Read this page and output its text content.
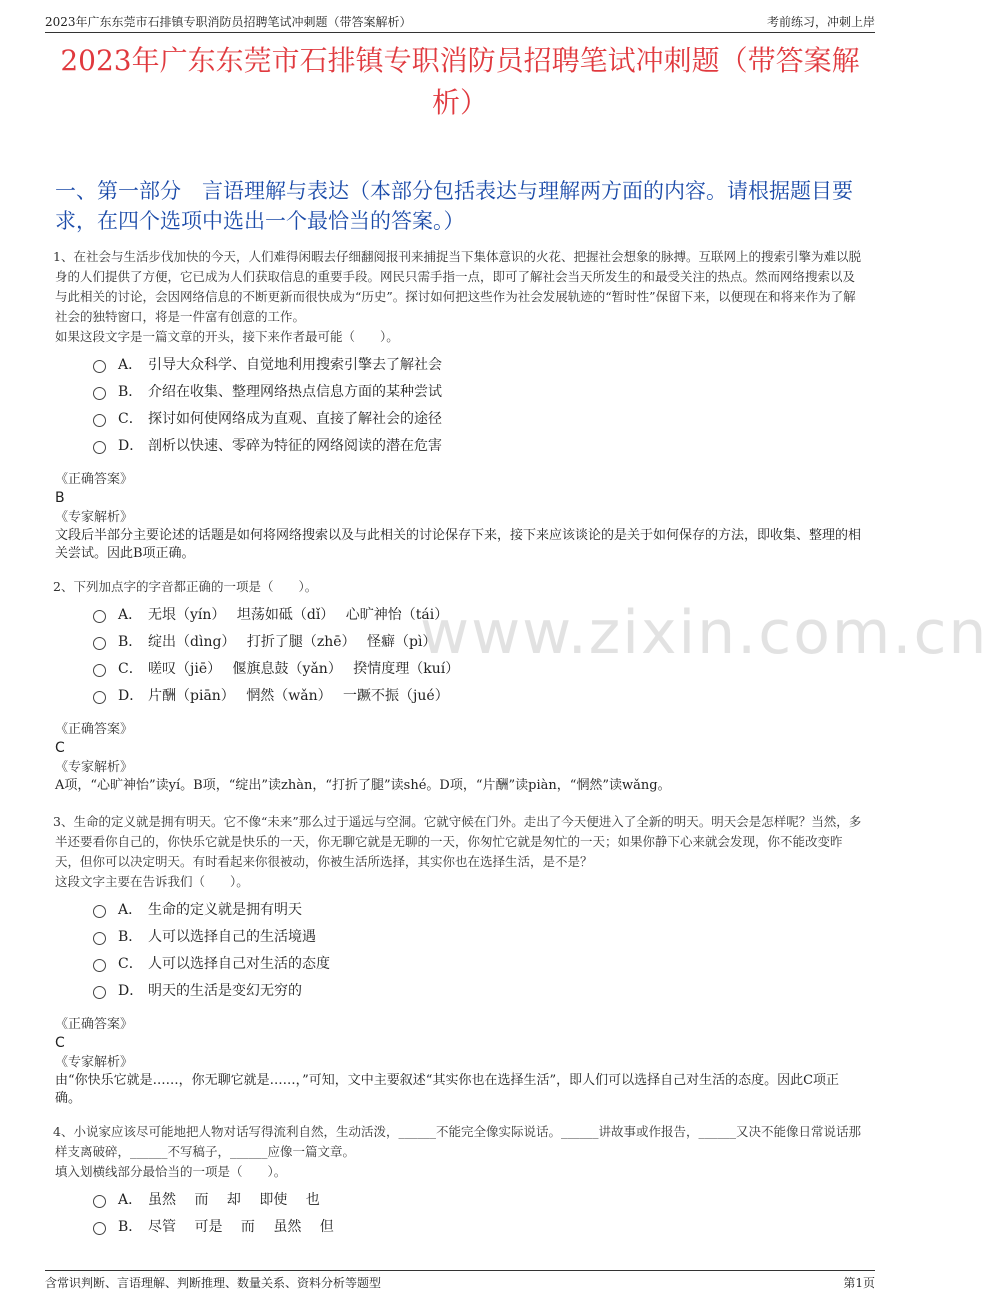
2023年广东东莞市石排镇专职消防员招聘笔试冲刺题（带答案解析）	考前练习，冲刺上岸
2023年广东东莞市石排镇专职消防员招聘笔试冲刺题（带答案解析）
一、第一部分　言语理解与表达（本部分包括表达与理解两方面的内容。请根据题目要求，在四个选项中选出一个最恰当的答案。）
www.zixin.com.cn
1、在社会与生活步伐加快的今天，人们难得闲暇去仔细翻阅报刊来捕捉当下集体意识的火花、把握社会想象的脉搏。互联网上的搜索引擎为难以脱身的人们提供了方便，它已成为人们获取信息的重要手段。网民只需手指一点，即可了解社会当天所发生的和最受关注的热点。然而网络搜索以及与此相关的讨论，会因网络信息的不断更新而很快成为“历史”。探讨如何把这些作为社会发展轨迹的“暂时性”保留下来，以便现在和将来作为了解社会的独特窗口，将是一件富有创意的工作。
如果这段文字是一篇文章的开头，接下来作者最可能（　　）。
A． 引导大众科学、自觉地利用搜索引擎去了解社会
B． 介绍在收集、整理网络热点信息方面的某种尝试
C． 探讨如何使网络成为直观、直接了解社会的途径
D． 剖析以快速、零碎为特征的网络阅读的潜在危害
《正确答案》
B
《专家解析》
文段后半部分主要论述的话题是如何将网络搜索以及与此相关的讨论保存下来，接下来应该谈论的是关于如何保存的方法，即收集、整理的相关尝试。因此B项正确。
2、下列加点字的字音都正确的一项是（　　）。
A． 无垠（yín）　 坦荡如砥（dǐ）　 心旷神怡（tái）
B． 绽出（dìng）　 打折了腿（zhē）　 怪癖（pì）
C． 嗟叹（jiē）　 偃旗息鼓（yǎn）　 揆情度理（kuí）
D． 片酬（piān）　 惘然（wǎn）　 一蹶不振（jué）
《正确答案》
C
《专家解析》
A项，“心旷神怡”读yí。B项，“绽出”读zhàn，“打折了腿”读shé。D项，“片酬”读piàn，“惘然”读wǎng。
3、生命的定义就是拥有明天。它不像“未来”那么过于遥远与空洞。它就守候在门外。走出了今天便进入了全新的明天。明天会是怎样呢？当然，多半还要看你自己的，你快乐它就是快乐的一天，你无聊它就是无聊的一天，你匆忙它就是匆忙的一天；如果你静下心来就会发现，你不能改变昨天，但你可以决定明天。有时看起来你很被动，你被生活所选择，其实你也在选择生活，是不是？
这段文字主要在告诉我们（　　）。
A． 生命的定义就是拥有明天
B． 人可以选择自己的生活境遇
C． 人可以选择自己对生活的态度
D． 明天的生活是变幻无穷的
《正确答案》
C
《专家解析》
由“你快乐它就是……，你无聊它就是……，”可知，文中主要叙述“其实你也在选择生活”，即人们可以选择自己对生活的态度。因此C项正确。
4、小说家应该尽可能地把人物对话写得流利自然，生动活泼，______不能完全像实际说话。______讲故事或作报告，______又决不能像日常说话那样支离破碎，______不写稿子，______应像一篇文章。
填入划横线部分最恰当的一项是（　　）。
A． 虽然　 而　 却　 即使　 也
B． 尽管　 可是　 而　 虽然　 但
含常识判断、言语理解、判断推理、数量关系、资料分析等题型	第1页
